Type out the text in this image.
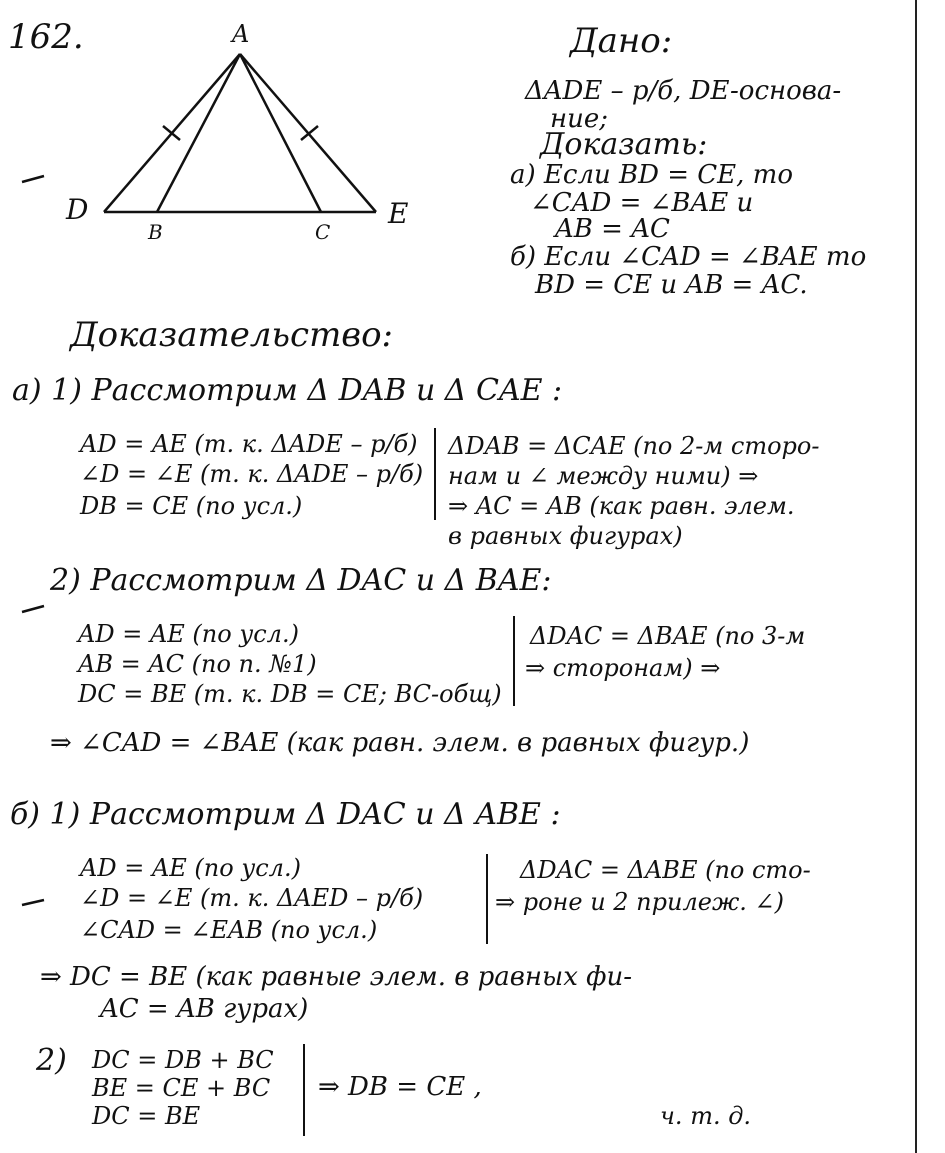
162.	A
D	E
B	C
Дано:
ΔADE – р/б, DE-основа-
ние;
Доказать:
а) Если BD = CE, то
∠CAD = ∠BAE и
AB = AC
б) Если ∠CAD = ∠BAE то
BD = CE и AB = AC.
Доказательство:
а) 1) Рассмотрим Δ DAB и Δ CAE :
AD = AE (т. к. ΔADE – р/б)
∠D = ∠E (т. к. ΔADE – р/б)
DB = CE (по усл.)
ΔDAB = ΔCAE (по 2-м сторо-
нам и ∠ между ними) ⇒
⇒ AC = AB (как равн. элем.
в равных фигурах)
2) Рассмотрим Δ DAC и Δ BAE:
AD = AE (по усл.)
AB = AC (по п. №1)
DC = BE (т. к. DB = CE; BC-общ)
ΔDAC = ΔBAE (по 3-м
⇒ сторонам) ⇒
⇒ ∠CAD = ∠BAE (как равн. элем. в равных фигур.)
б) 1) Рассмотрим Δ DAC и Δ ABE :
AD = AE (по усл.)
∠D = ∠E (т. к. ΔAED – р/б)
∠CAD = ∠EAB (по усл.)
ΔDAC = ΔABE (по сто-
⇒ роне и 2 прилеж. ∠)
⇒ DC = BE (как равные элем. в равных фи-
AC = AB гурах)
2) DC = DB + BC
BE = CE + BC
DC = BE
⇒ DB = CE ,
ч. т. д.
